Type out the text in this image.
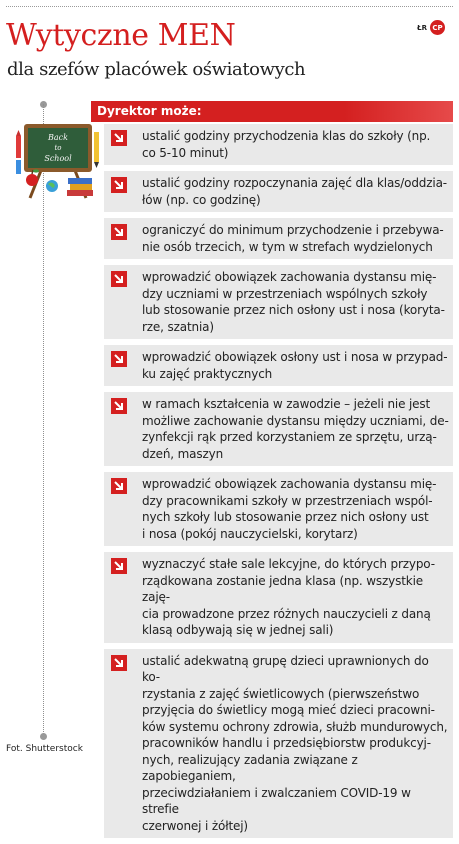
Wytyczne MEN
dla szefów placówek oświatowych
ŁR CP
Back
to
School
Dyrektor może:

ustalić godziny przychodzenia klas do szkoły (np.
co 5-10 minut)

ustalić godziny rozpoczynania zajęć dla klas/oddzia-
łów (np. co godzinę)

ograniczyć do minimum przychodzenie i przebywa-
nie osób trzecich, w tym w strefach wydzielonych

wprowadzić obowiązek zachowania dystansu mię-
dzy uczniami w przestrzeniach wspólnych szkoły
lub stosowanie przez nich osłony ust i nosa (koryta-
rze, szatnia)

wprowadzić obowiązek osłony ust i nosa w przypad-
ku zajęć praktycznych

w ramach kształcenia w zawodzie – jeżeli nie jest
możliwe zachowanie dystansu między uczniami, de-
zynfekcji rąk przed korzystaniem ze sprzętu, urzą-
dzeń, maszyn

wprowadzić obowiązek zachowania dystansu mię-
dzy pracownikami szkoły w przestrzeniach wspól-
nych szkoły lub stosowanie przez nich osłony ust
i nosa (pokój nauczycielski, korytarz)

wyznaczyć stałe sale lekcyjne, do których przypo-
rządkowana zostanie jedna klasa (np. wszystkie zaję-
cia prowadzone przez różnych nauczycieli z daną
klasą odbywają się w jednej sali)

ustalić adekwatną grupę dzieci uprawnionych do ko-
rzystania z zajęć świetlicowych (pierwszeństwo
przyjęcia do świetlicy mogą mieć dzieci pracowni-
ków systemu ochrony zdrowia, służb mundurowych,
pracowników handlu i przedsiębiorstw produkcyj-
nych, realizujący zadania związane z zapobieganiem,
przeciwdziałaniem i zwalczaniem COVID-19 w strefie
czerwonej i żółtej)

Fot. Shutterstock
